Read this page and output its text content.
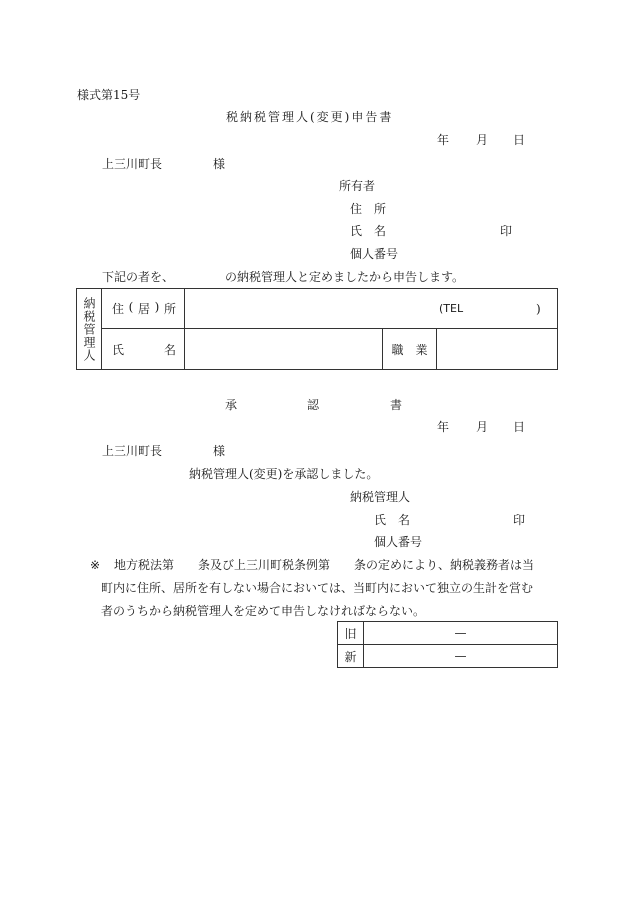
様式第15号
税納税管理人(変更)申告書
年 月 日
上三川町長	様
所有者
住　所
氏　名	印
個人番号
下記の者を、	の納税管理人と定めましたから申告します。
納税管理人	住 ( 居 ) 所	(TEL )		

	氏 名		職　業	
承	認	書
年 月 日
上三川町長	様
納税管理人(変更)を承認しました。
納税管理人
氏　名	印
個人番号
※ 地方税法第　　条及び上三川町税条例第　　条の定めにより、納税義務者は当
町内に住所、居所を有しない場合においては、当町内において独立の生計を営む
者のうちから納税管理人を定めて申告しなければならない。
旧	—
新	—
